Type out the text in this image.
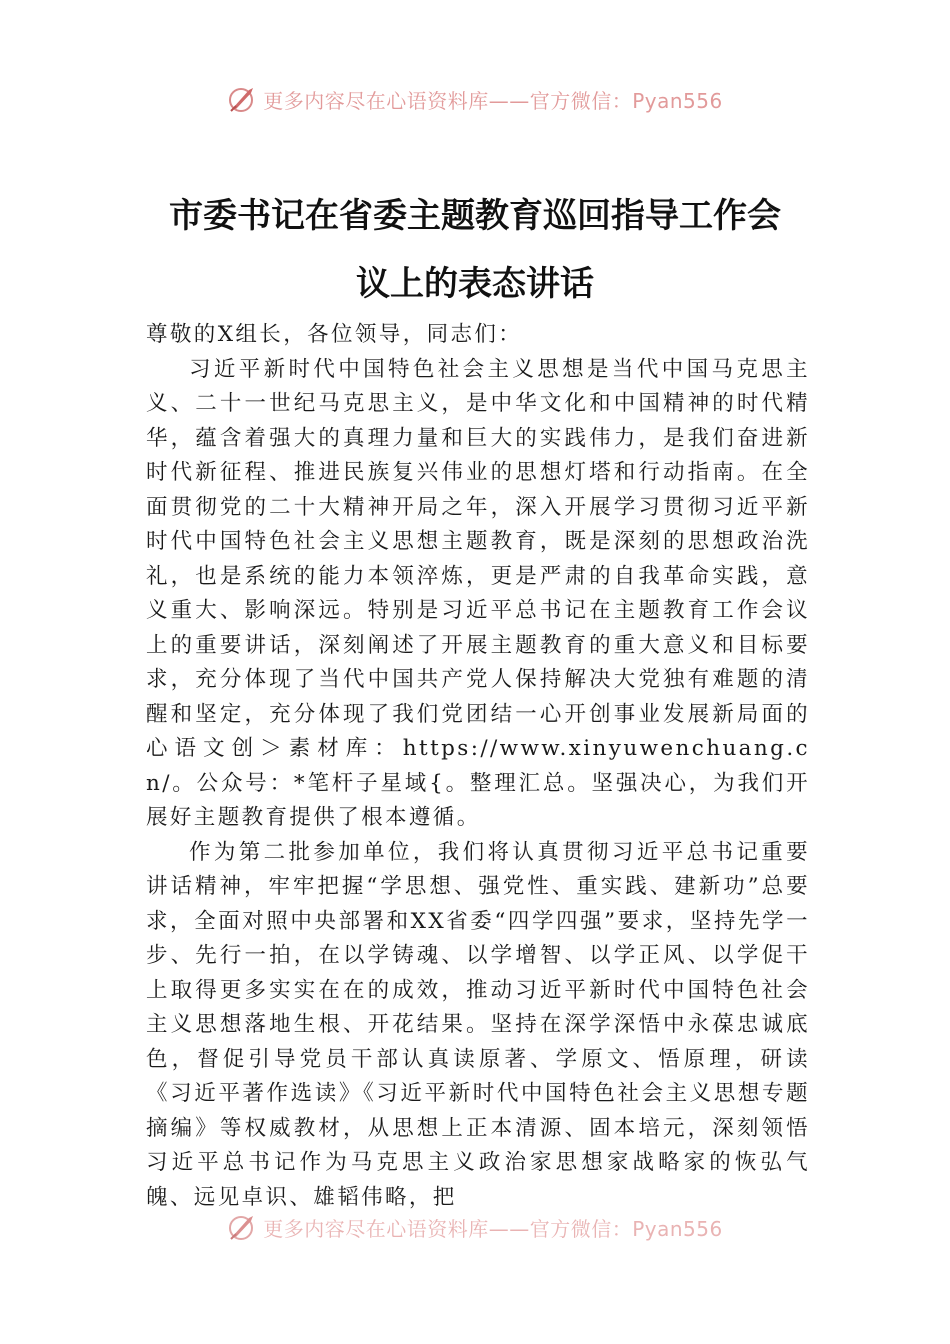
更多内容尽在心语资料库——官方微信：Pyan556
市委书记在省委主题教育巡回指导工作会
议上的表态讲话

尊敬的X组长，各位领导，同志们：

习近平新时代中国特色社会主义思想是当代中国马克思主义、二十一世纪马克思主义，是中华文化和中国精神的时代精华，蕴含着强大的真理力量和巨大的实践伟力，是我们奋进新时代新征程、推进民族复兴伟业的思想灯塔和行动指南。在全面贯彻党的二十大精神开局之年，深入开展学习贯彻习近平新时代中国特色社会主义思想主题教育，既是深刻的思想政治洗礼，也是系统的能力本领淬炼，更是严肃的自我革命实践，意义重大、影响深远。特别是习近平总书记在主题教育工作会议上的重要讲话，深刻阐述了开展主题教育的重大意义和目标要求，充分体现了当代中国共产党人保持解决大党独有难题的清醒和坚定，充分体现了我们党团结一心开创事业发展新局面的心语文创＞素材库：https://www.xinyuwenchuang.cn/。公众号：*笔杆子星域{。整理汇总。坚强决心，为我们开展好主题教育提供了根本遵循。

作为第二批参加单位，我们将认真贯彻习近平总书记重要讲话精神，牢牢把握“学思想、强党性、重实践、建新功”总要求，全面对照中央部署和XX省委“四学四强”要求，坚持先学一步、先行一拍，在以学铸魂、以学增智、以学正风、以学促干上取得更多实实在在的成效，推动习近平新时代中国特色社会主义思想落地生根、开花结果。坚持在深学深悟中永葆忠诚底色，督促引导党员干部认真读原著、学原文、悟原理，研读《习近平著作选读》《习近平新时代中国特色社会主义思想专题摘编》等权威教材，从思想上正本清源、固本培元，深刻领悟习近平总书记作为马克思主义政治家思想家战略家的恢弘气魄、远见卓识、雄韬伟略，把

更多内容尽在心语资料库——官方微信：Pyan556
